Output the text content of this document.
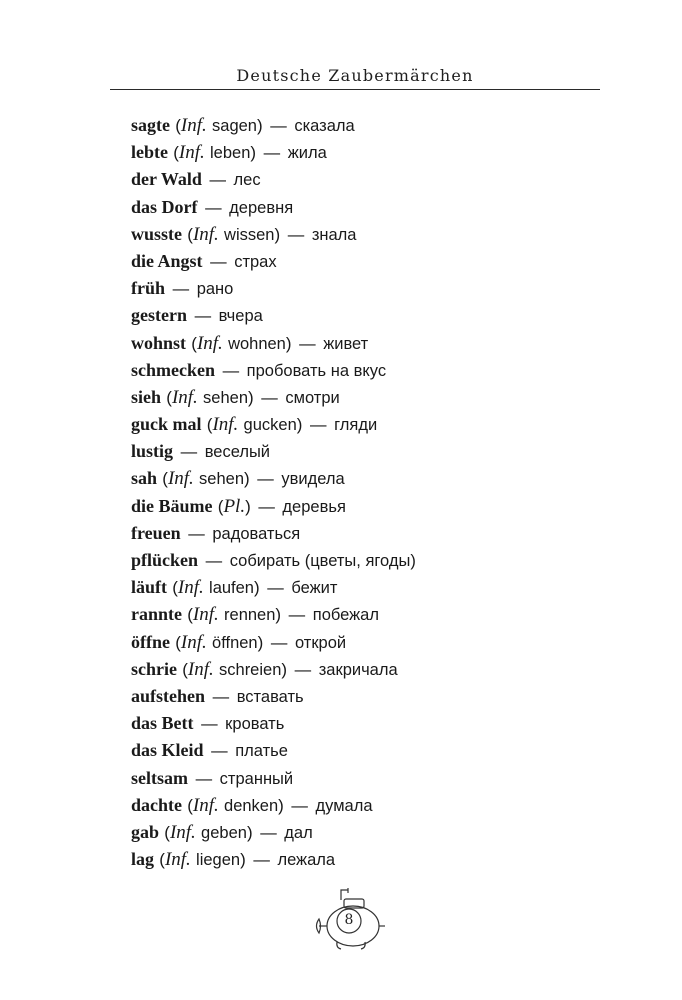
Deutsche Zaubermärchen
sagte (Inf. sagen) — сказала
lebte (Inf. leben) — жила
der Wald — лес
das Dorf — деревня
wusste (Inf. wissen) — знала
die Angst — страх
früh — рано
gestern — вчера
wohnst (Inf. wohnen) — живет
schmecken — пробовать на вкус
sieh (Inf. sehen) — смотри
guck mal (Inf. gucken) — гляди
lustig — веселый
sah (Inf. sehen) — увидела
die Bäume (Pl.) — деревья
freuen — радоваться
pflücken — собирать (цветы, ягоды)
läuft (Inf. laufen) — бежит
rannte (Inf. rennen) — побежал
öffne (Inf. öffnen) — открой
schrie (Inf. schreien) — закричала
aufstehen — вставать
das Bett — кровать
das Kleid — платье
seltsam — странный
dachte (Inf. denken) — думала
gab (Inf. geben) — дал
lag (Inf. liegen) — лежала
8
